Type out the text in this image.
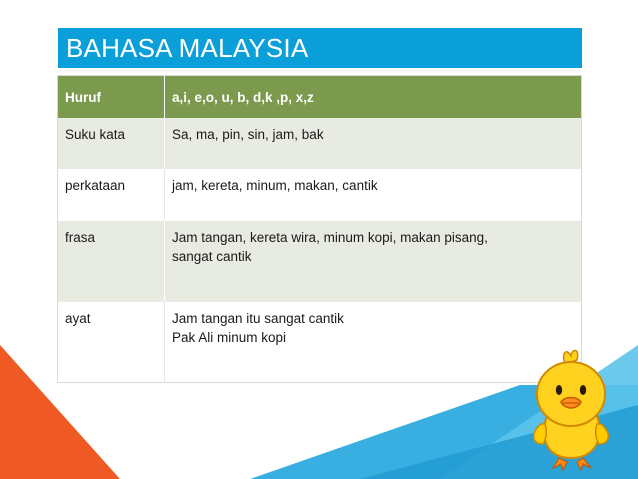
BAHASA MALAYSIA
Huruf	a,i, e,o, u, b, d,k ,p, x,z
Suku kata	Sa, ma, pin, sin, jam, bak
perkataan	jam, kereta, minum, makan, cantik
frasa	Jam tangan, kereta wira, minum kopi, makan pisang,
sangat cantik
ayat	Jam tangan itu sangat cantik
Pak Ali minum kopi
